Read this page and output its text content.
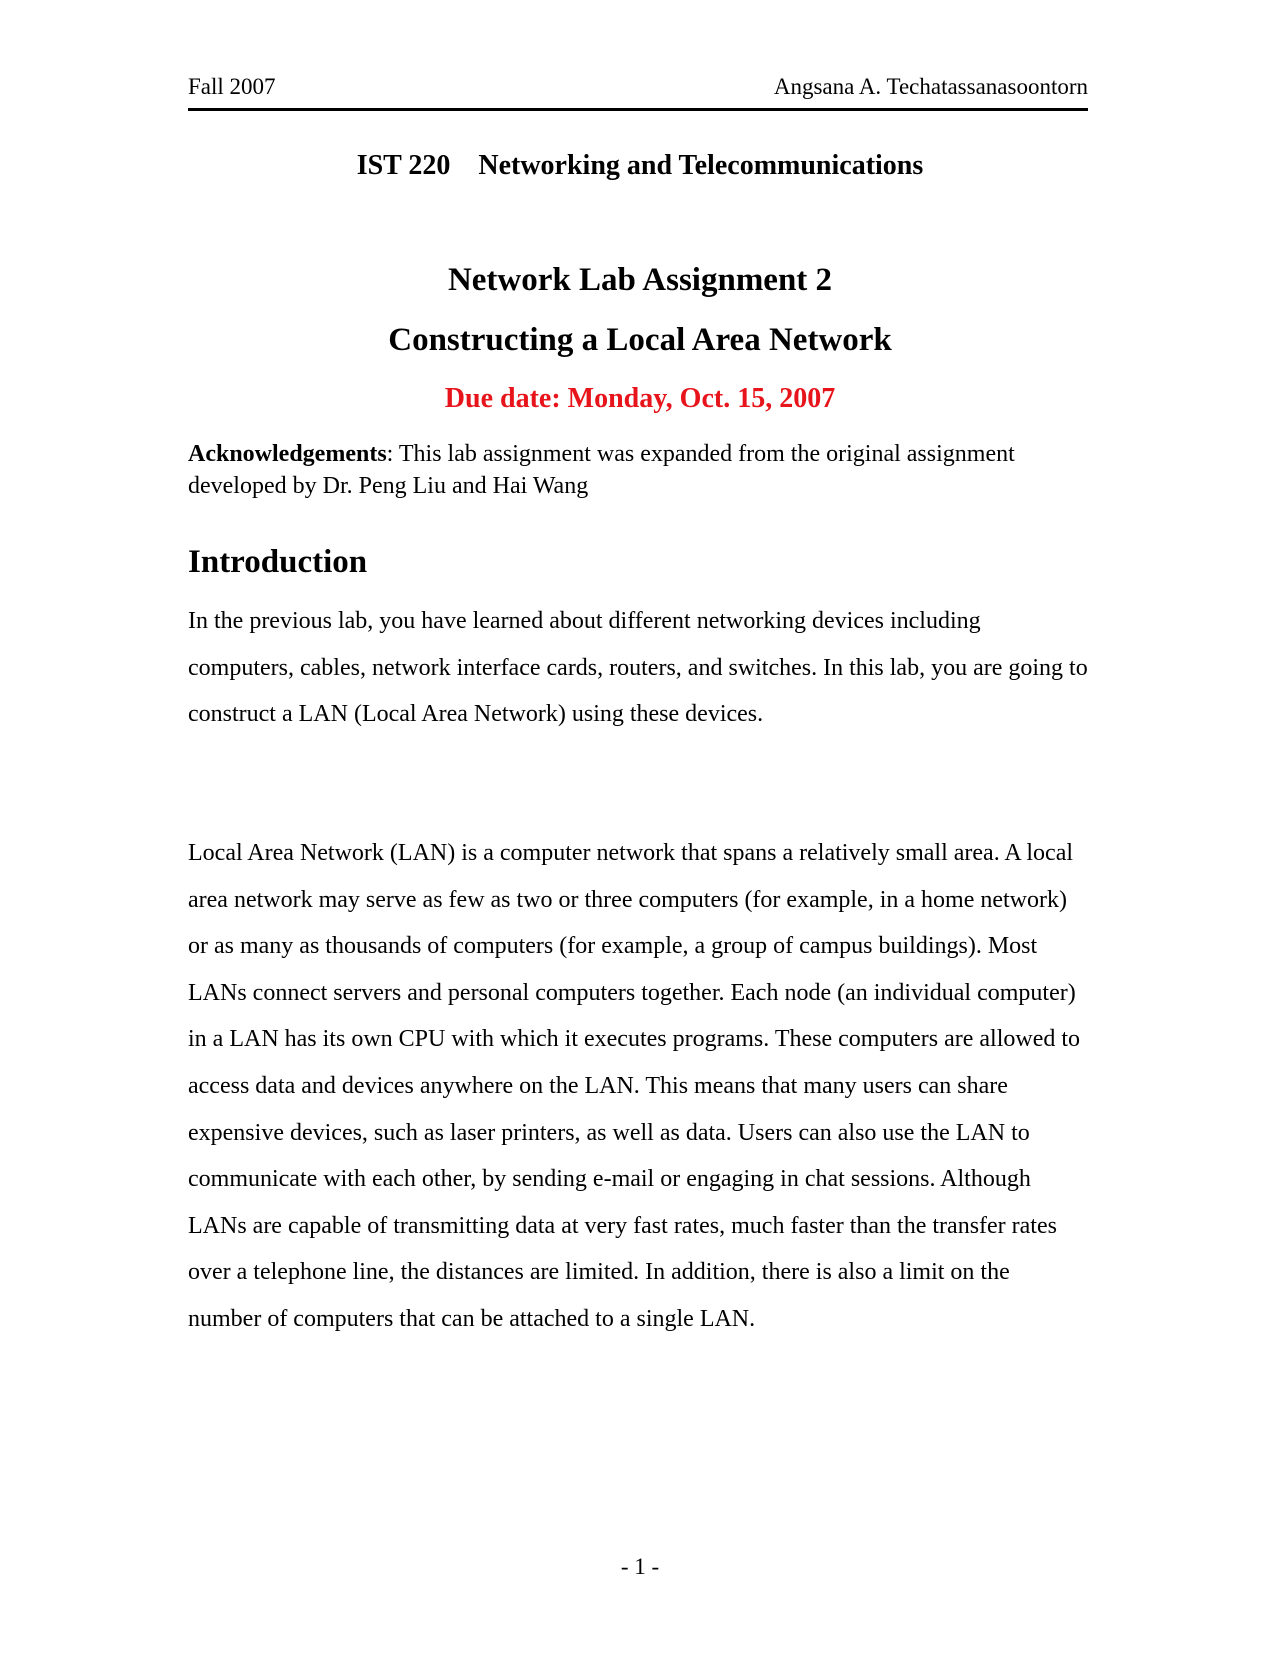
Fall 2007	Angsana A. Techatassanasoontorn
IST 220 Networking and Telecommunications
Network Lab Assignment 2
Constructing a Local Area Network
Due date: Monday, Oct. 15, 2007
Acknowledgements: This lab assignment was expanded from the original assignment developed by Dr. Peng Liu and Hai Wang
Introduction
In the previous lab, you have learned about different networking devices including computers, cables, network interface cards, routers, and switches. In this lab, you are going to construct a LAN (Local Area Network) using these devices.
Local Area Network (LAN) is a computer network that spans a relatively small area. A local area network may serve as few as two or three computers (for example, in a home network) or as many as thousands of computers (for example, a group of campus buildings). Most LANs connect servers and personal computers together. Each node (an individual computer) in a LAN has its own CPU with which it executes programs. These computers are allowed to access data and devices anywhere on the LAN. This means that many users can share expensive devices, such as laser printers, as well as data. Users can also use the LAN to communicate with each other, by sending e-mail or engaging in chat sessions. Although LANs are capable of transmitting data at very fast rates, much faster than the transfer rates over a telephone line, the distances are limited. In addition, there is also a limit on the number of computers that can be attached to a single LAN.
- 1 -
